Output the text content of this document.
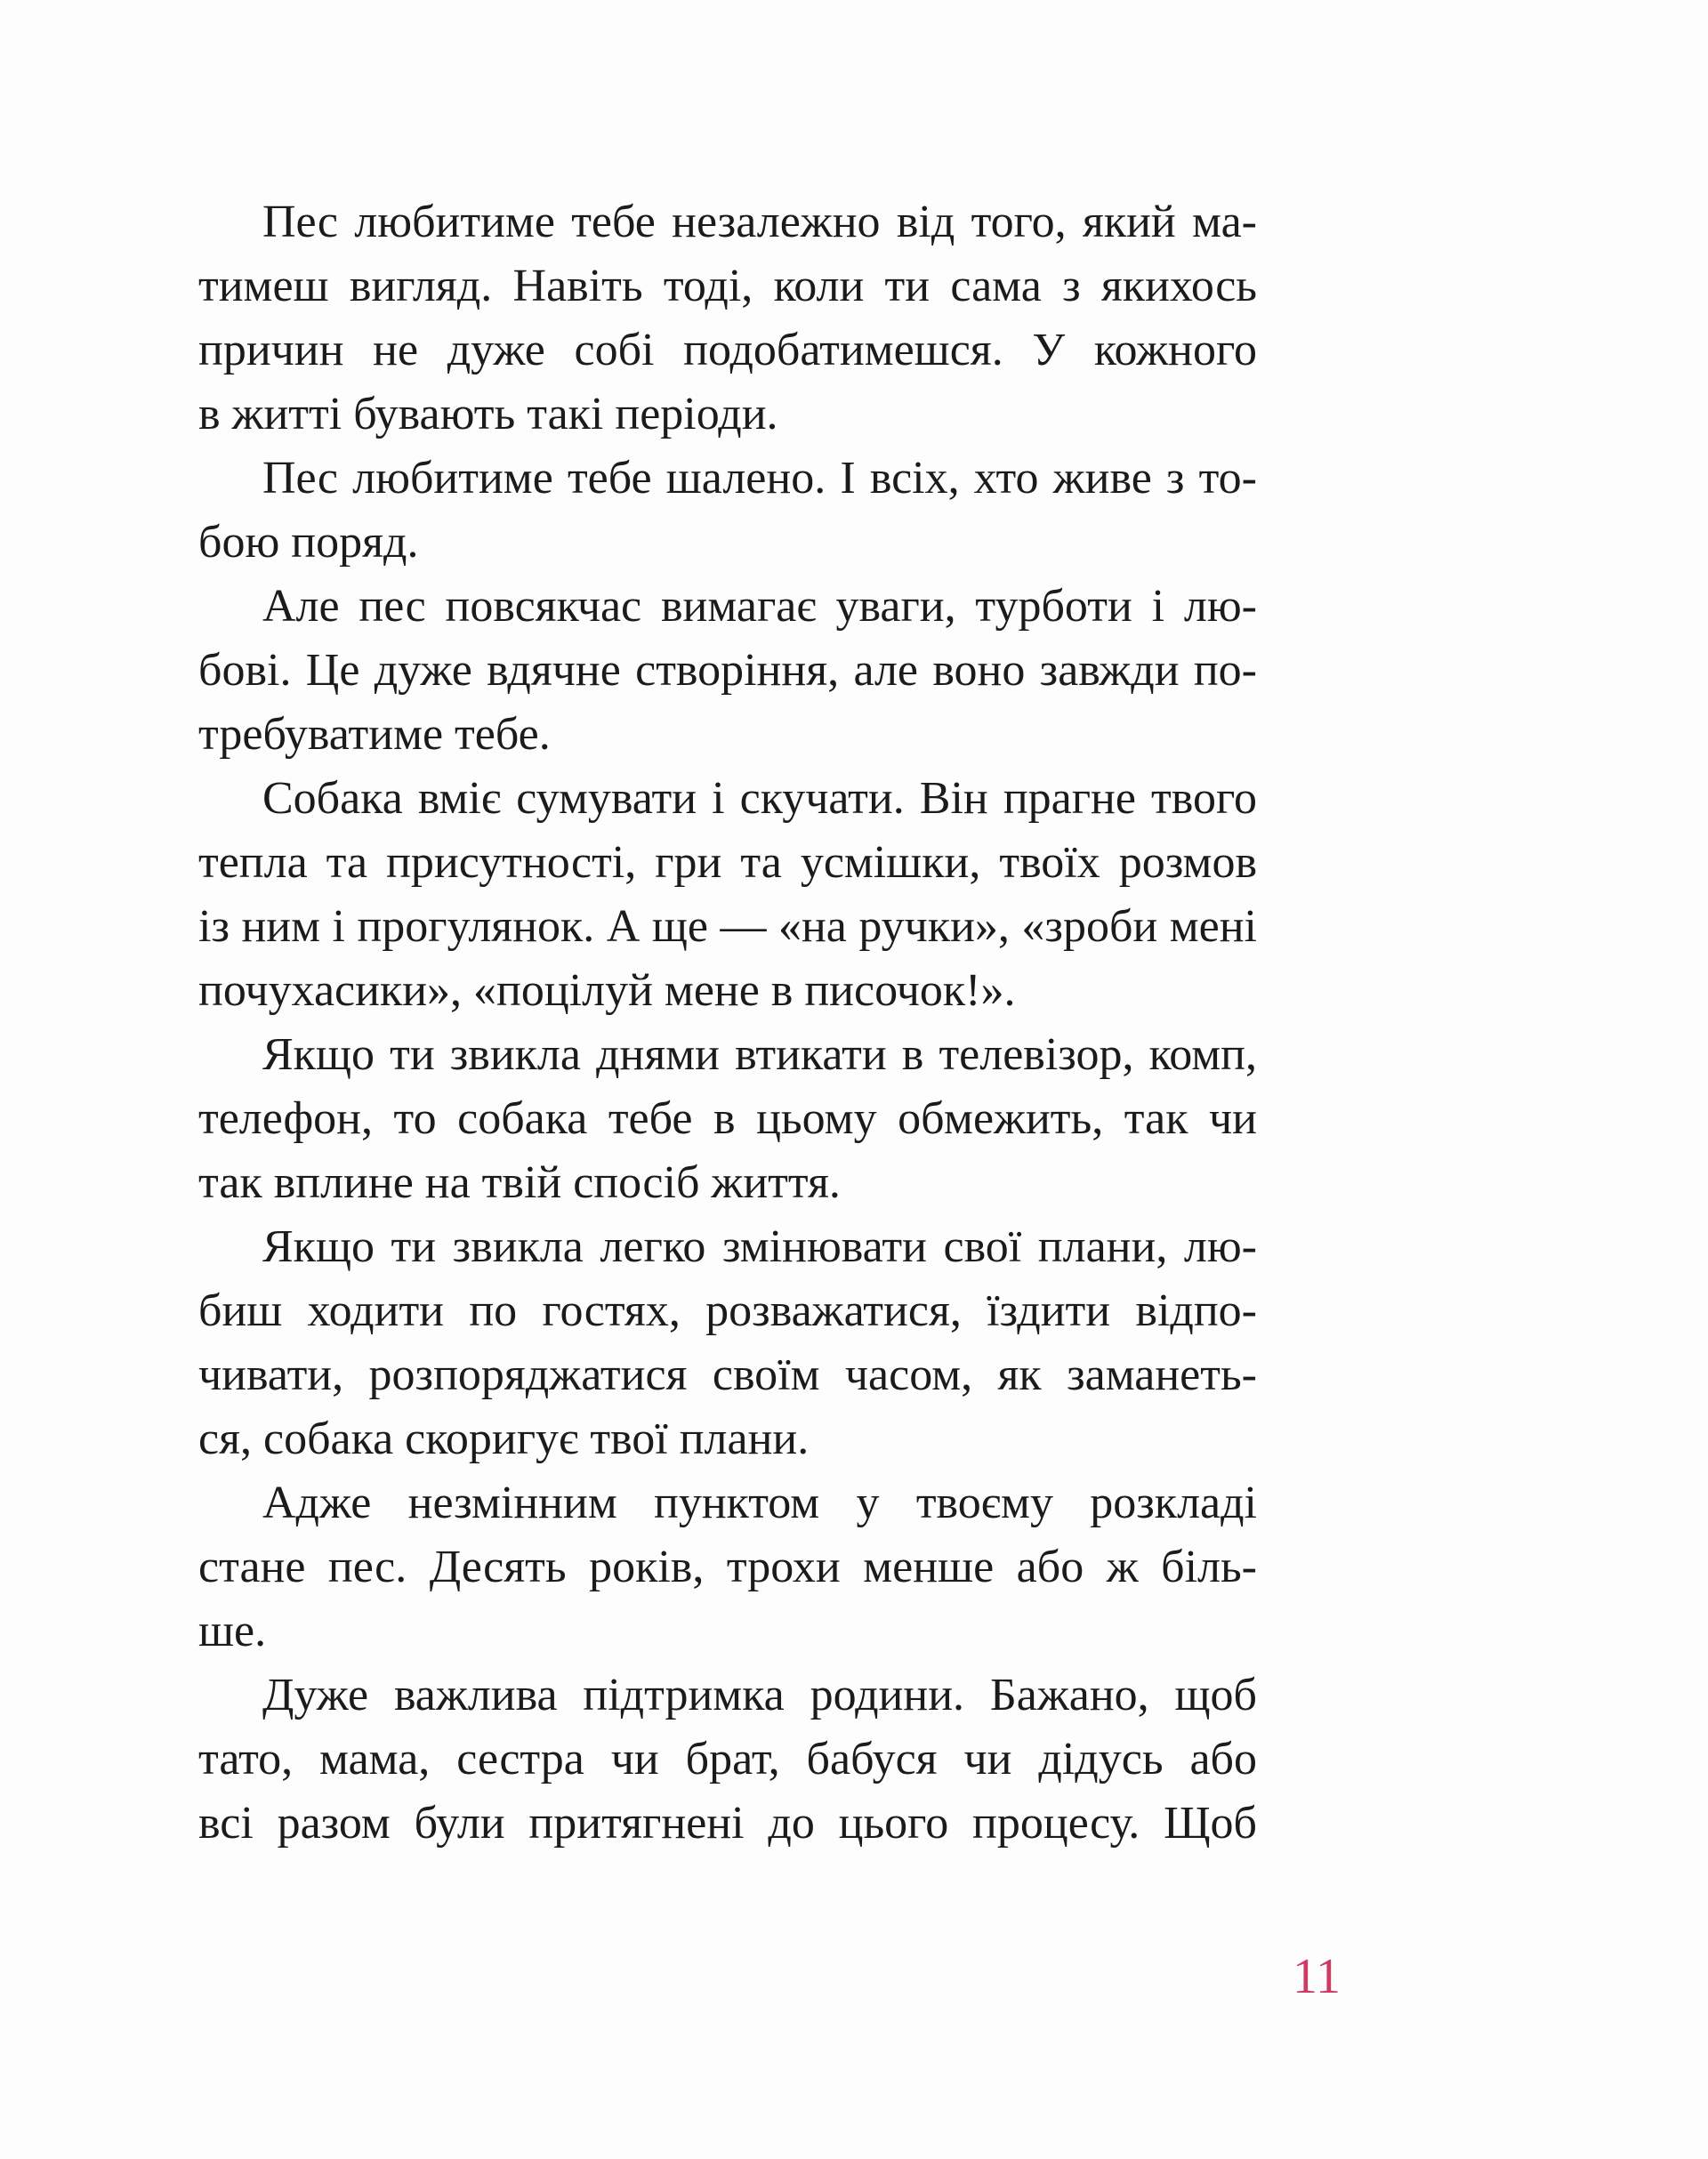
Пес любитиме тебе незалежно від того, який ма-
тимеш вигляд. Навіть тоді, коли ти сама з якихось
причин не дуже собі подобатимешся. У кожного
в житті бувають такі періоди.
Пес любитиме тебе шалено. І всіх, хто живе з то-
бою поряд.
Але пес повсякчас вимагає уваги, турботи і лю-
бові. Це дуже вдячне створіння, але воно завжди по-
требуватиме тебе.
Собака вміє сумувати і скучати. Він прагне твого
тепла та присутності, гри та усмішки, твоїх розмов
із ним і прогулянок. А ще — «на ручки», «зроби мені
почухасики», «поцілуй мене в писочок!».
Якщо ти звикла днями втикати в телевізор, комп,
телефон, то собака тебе в цьому обмежить, так чи
так вплине на твій спосіб життя.
Якщо ти звикла легко змінювати свої плани, лю-
биш ходити по гостях, розважатися, їздити відпо-
чивати, розпоряджатися своїм часом, як заманеть-
ся, собака скоригує твої плани.
Адже незмінним пунктом у твоєму розкладі
стане пес. Десять років, трохи менше або ж біль-
ше.
Дуже важлива підтримка родини. Бажано, щоб
тато, мама, сестра чи брат, бабуся чи дідусь або
всі разом були притягнені до цього процесу. Щоб
11
